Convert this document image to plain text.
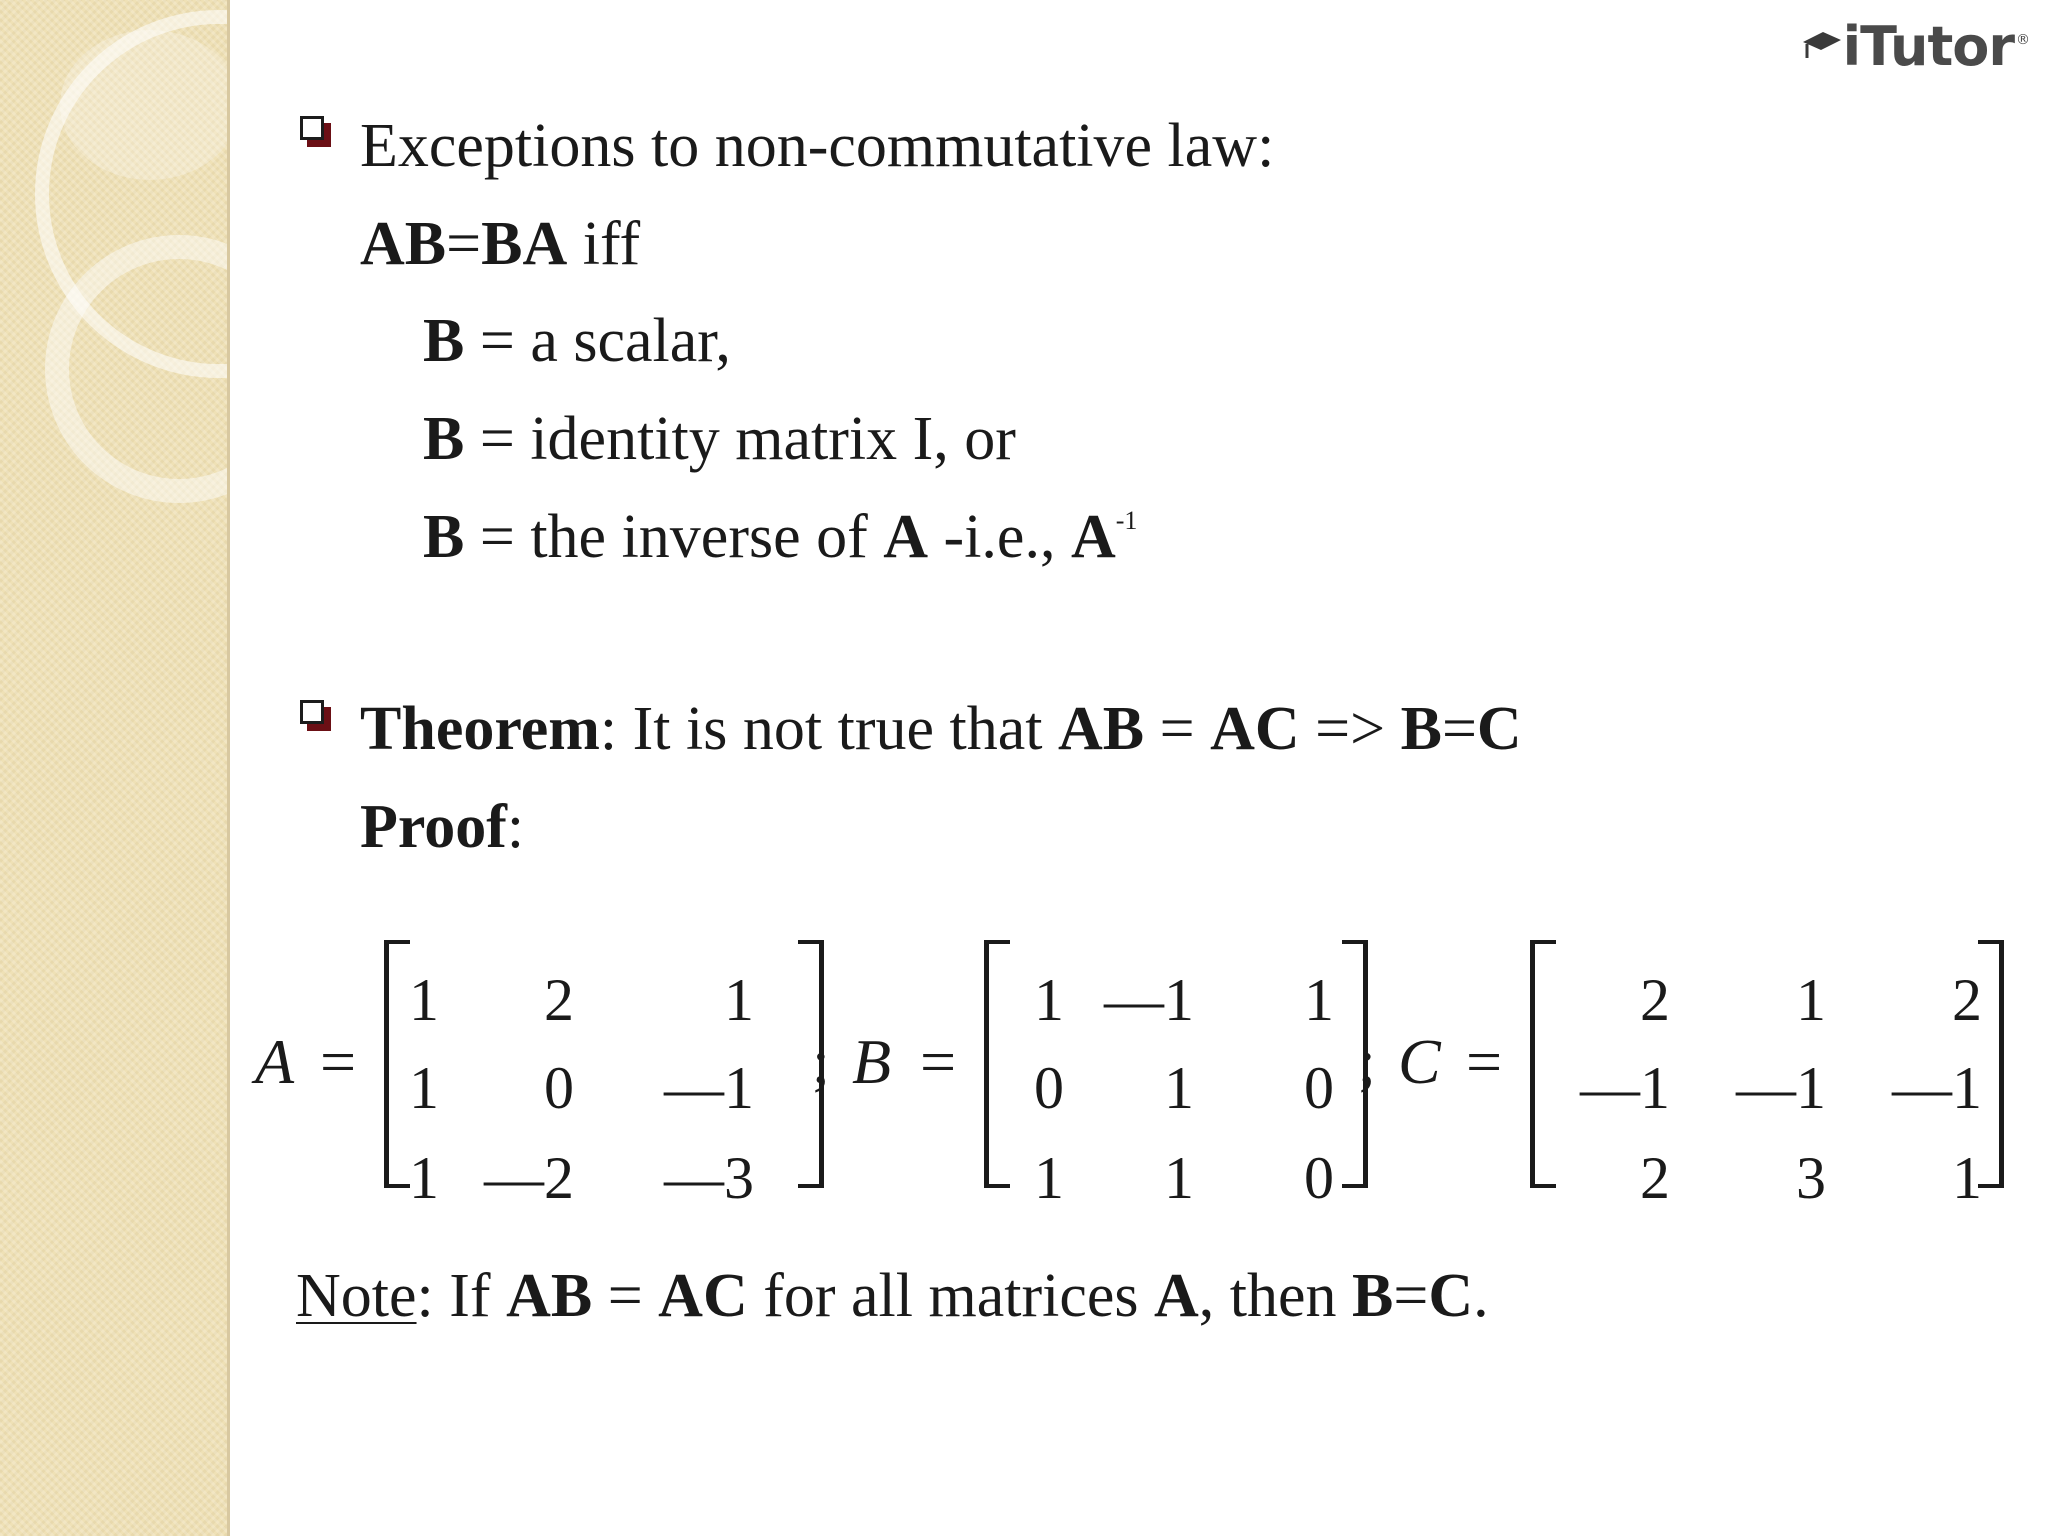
iTutor ®
Exceptions to non-commutative law:
AB=BA iff
B = a scalar,
B = identity matrix I, or
B = the inverse of A -i.e., $A^{-1}$
Theorem: It is not true that AB = AC => B=C
Proof:
A =
1	2	1
1	0	—1
1 —2	—3
; B =
1 —1	1
0	1	0
1	1	0
; C =
2	1	2
—1	—1	—1
2	3	1
Note: If AB = AC for all matrices A, then B=C.
